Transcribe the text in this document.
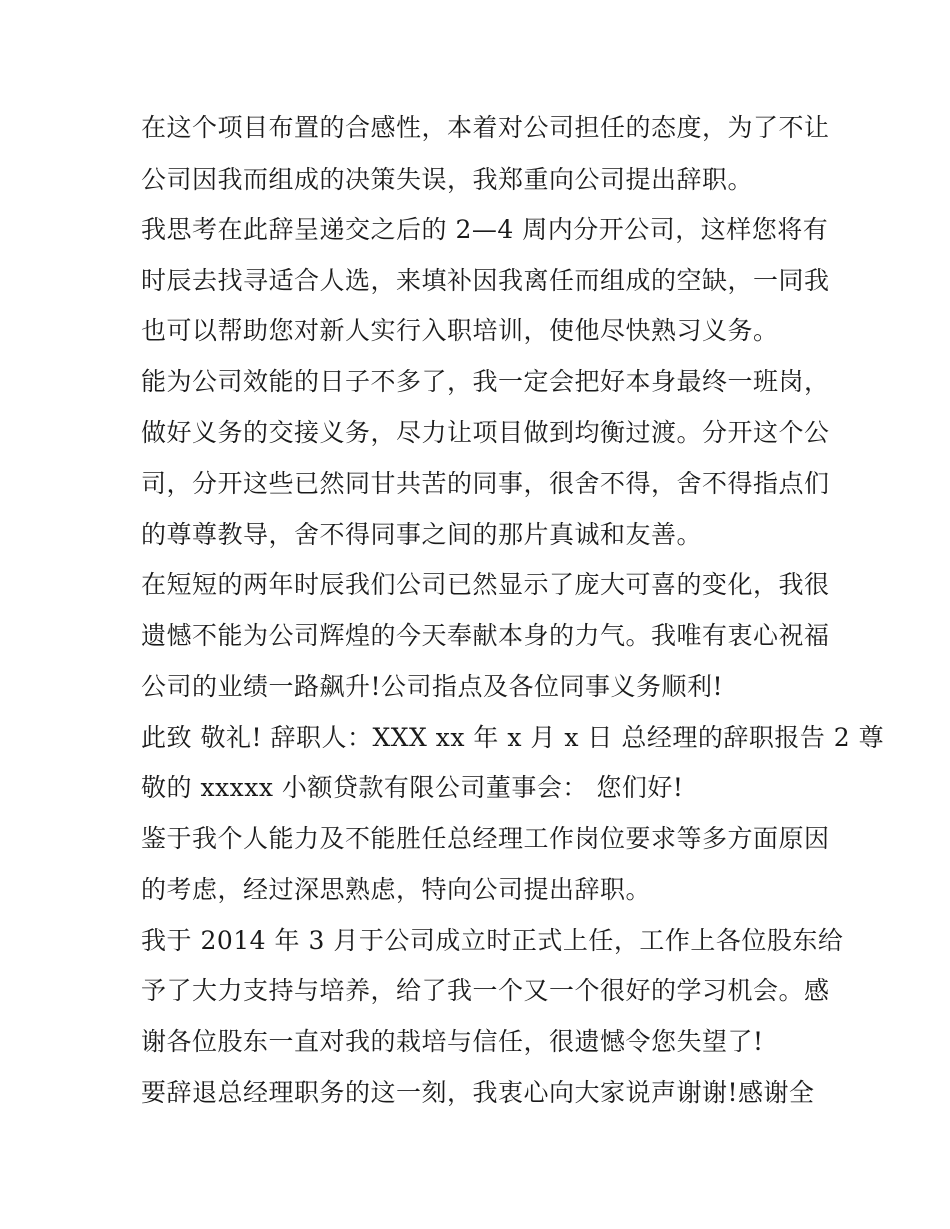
在这个项目布置的合感性，本着对公司担任的态度，为了不让
公司因我而组成的决策失误，我郑重向公司提出辞职。
我思考在此辞呈递交之后的 2—4 周内分开公司，这样您将有
时辰去找寻适合人选，来填补因我离任而组成的空缺，一同我
也可以帮助您对新人实行入职培训，使他尽快熟习义务。
能为公司效能的日子不多了，我一定会把好本身最终一班岗，
做好义务的交接义务，尽力让项目做到均衡过渡。分开这个公
司，分开这些已然同甘共苦的同事，很舍不得，舍不得指点们
的尊尊教导，舍不得同事之间的那片真诚和友善。
在短短的两年时辰我们公司已然显示了庞大可喜的变化，我很
遗憾不能为公司辉煌的今天奉献本身的力气。我唯有衷心祝福
公司的业绩一路飙升!公司指点及各位同事义务顺利!
此致 敬礼! 辞职人：XXX xx 年 x 月 x 日 总经理的辞职报告 2 尊
敬的 xxxxx 小额贷款有限公司董事会： 您们好!
鉴于我个人能力及不能胜任总经理工作岗位要求等多方面原因
的考虑，经过深思熟虑，特向公司提出辞职。
我于 2014 年 3 月于公司成立时正式上任，工作上各位股东给
予了大力支持与培养，给了我一个又一个很好的学习机会。感
谢各位股东一直对我的栽培与信任，很遗憾令您失望了!
要辞退总经理职务的这一刻，我衷心向大家说声谢谢!感谢全
